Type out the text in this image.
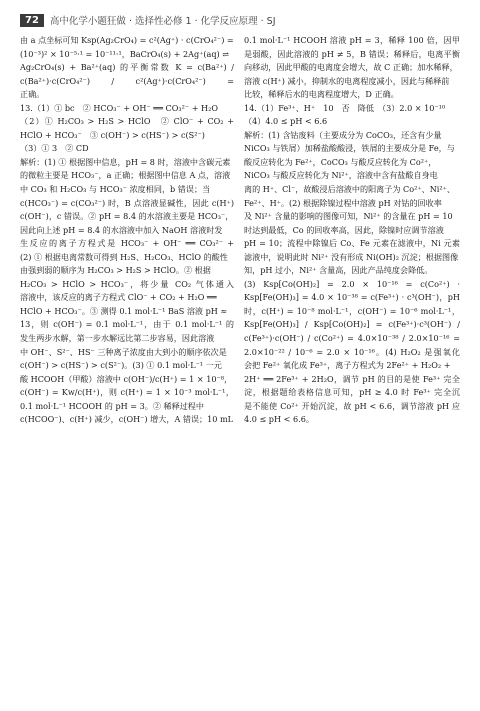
72	高中化学小题狂做 · 选择性必修 1 · 化学反应原理 · SJ
由 a 点坐标可知 Ksp(Ag₂CrO₄) = c²(Ag⁺) · c(CrO₄²⁻) =
(10⁻³)² × 10⁻⁵·¹ = 10⁻¹¹·¹，BaCrO₄(s) + 2Ag⁺(aq) ⇌
Ag₂CrO₄(s) + Ba²⁺(aq) 的平衡常数 K = c(Ba²⁺) /
c(Ba²⁺)·c(CrO₄²⁻) / c²(Ag⁺)·c(CrO₄²⁻) =
正确。
13.（1）① bc　② HCO₃⁻ + OH⁻ ══ CO₃²⁻ + H₂O
（2）① H₂CO₃ > H₂S > HClO　② ClO⁻ + CO₂ +
HClO + HCO₃⁻　③ c(OH⁻) > c(HS⁻) > c(S²⁻)
（3）① 3　② CD
解析：(1) ① 根据图中信息，pH = 8 时，溶液中含碳元素
的微粒主要是 HCO₃⁻，a 正确；根据图中信息 A 点，溶液
中 CO₃ 和 H₂CO₃ 与 HCO₃⁻ 浓度相同，b 错误；当
c(HCO₃⁻) = c(CO₃²⁻) 时，B 点溶液显碱性，因此 c(H⁺)
c(OH⁻)，c 错误。② pH = 8.4 的水溶液主要是 HCO₃⁻，
因此向上述 pH = 8.4 的水溶液中加入 NaOH 溶液时发
生反应的离子方程式是 HCO₃⁻ + OH⁻ ══ CO₃²⁻ +
(2) ① 根据电离常数可得到 H₂S、H₂CO₃、HClO 的酸性
由强到弱的顺序为 H₂CO₃ > H₂S > HClO。② 根据
H₂CO₃ > HClO > HCO₃⁻，将少量 CO₂ 气体通入
溶液中，该反应的离子方程式 ClO⁻ + CO₂ + H₂O ══
HClO + HCO₃⁻。③ 测得 0.1 mol·L⁻¹ BaS 溶液 pH ≈
13，则 c(OH⁻) = 0.1 mol·L⁻¹，由于 0.1 mol·L⁻¹ 的
发生两步水解，第一步水解远比第二步容易，因此溶液
中 OH⁻、S²⁻、HS⁻ 三种离子浓度由大到小的顺序依次是
c(OH⁻) > c(HS⁻) > c(S²⁻)。(3) ① 0.1 mol·L⁻¹ 一元
酸 HCOOH（甲酸）溶液中 c(OH⁻)/c(H⁺) = 1 × 10⁻⁸，
c(OH⁻) = Kw/c(H⁺)，则 c(H⁺) = 1 × 10⁻³ mol·L⁻¹，
0.1 mol·L⁻¹ HCOOH 的 pH = 3。② 稀释过程中
c(HCOO⁻)、c(H⁺) 减少，c(OH⁻) 增大，A 错误；10 mL
0.1 mol·L⁻¹ HCOOH 溶液 pH = 3，稀释 100 倍，因甲
是弱酸，因此溶液的 pH ≠ 5，B 错误；稀释后，电离平衡
向移动，因此甲酸的电离度会增大，故 C 正确；加水稀释，
溶液 c(H⁺) 减小，抑制水的电离程度减小，因此与稀释前
比较，稀释后水的电离程度增大，D 正确。
14.（1）Fe³⁺、H⁺　10　否　降低　（3）2.0 × 10⁻¹⁰
（4）4.0 ≤ pH < 6.6
解析：(1) 含钴废料（主要成分为 CoCO₃，还含有少量
NiCO₃ 与铁屑）加稀盐酸酸浸，铁屑的主要成分是 Fe，与
酸反应转化为 Fe²⁺，CoCO₃ 与酸反应转化为 Co²⁺，
NiCO₃ 与酸反应转化为 Ni²⁺，溶液中含有盐酸自身电
离的 H⁺、Cl⁻，故酸浸后溶液中的阳离子为 Co²⁺、Ni²⁺、
Fe²⁺、H⁺。(2) 根据除镍过程中溶液 pH 对钴的回收率
及 Ni²⁺ 含量的影响的图像可知，Ni²⁺ 的含量在 pH = 10
时达到最低，Co 的回收率高，因此，除镍时应调节溶液
pH = 10；流程中除镍后 Co、Fe 元素在滤液中，Ni 元素
滤液中，说明此时 Ni²⁺ 没有形成 Ni(OH)₂ 沉淀；根据图像
知，pH 过小，Ni²⁺ 含量高，因此产品纯度会降低。
(3) Ksp[Co(OH)₂] = 2.0 × 10⁻¹⁶ = c(Co²⁺) ·
Ksp[Fe(OH)₃] = 4.0 × 10⁻³⁸ = c(Fe³⁺) · c³(OH⁻)，pH
时，c(H⁺) = 10⁻⁸ mol·L⁻¹，c(OH⁻) = 10⁻⁶ mol·L⁻¹，
Ksp[Fe(OH)₃] / Ksp[Co(OH)₂] = c(Fe³⁺)·c³(OH⁻) /
c(Fe³⁺)·c(OH⁻) / c(Co²⁺) = 4.0×10⁻³⁸ / 2.0×10⁻¹⁶ =
2.0×10⁻²² / 10⁻⁶ = 2.0 × 10⁻¹⁶。(4) H₂O₂ 是强氧化
会把 Fe²⁺ 氧化成 Fe³⁺，离子方程式为 2Fe²⁺ + H₂O₂ +
2H⁺ ══ 2Fe³⁺ + 2H₂O，调节 pH 的目的是使 Fe³⁺ 完全
淀，根据题给表格信息可知，pH ≥ 4.0 时 Fe³⁺ 完全沉
是不能使 Co²⁺ 开始沉淀，故 pH < 6.6，调节溶液 pH 应
4.0 ≤ pH < 6.6。
